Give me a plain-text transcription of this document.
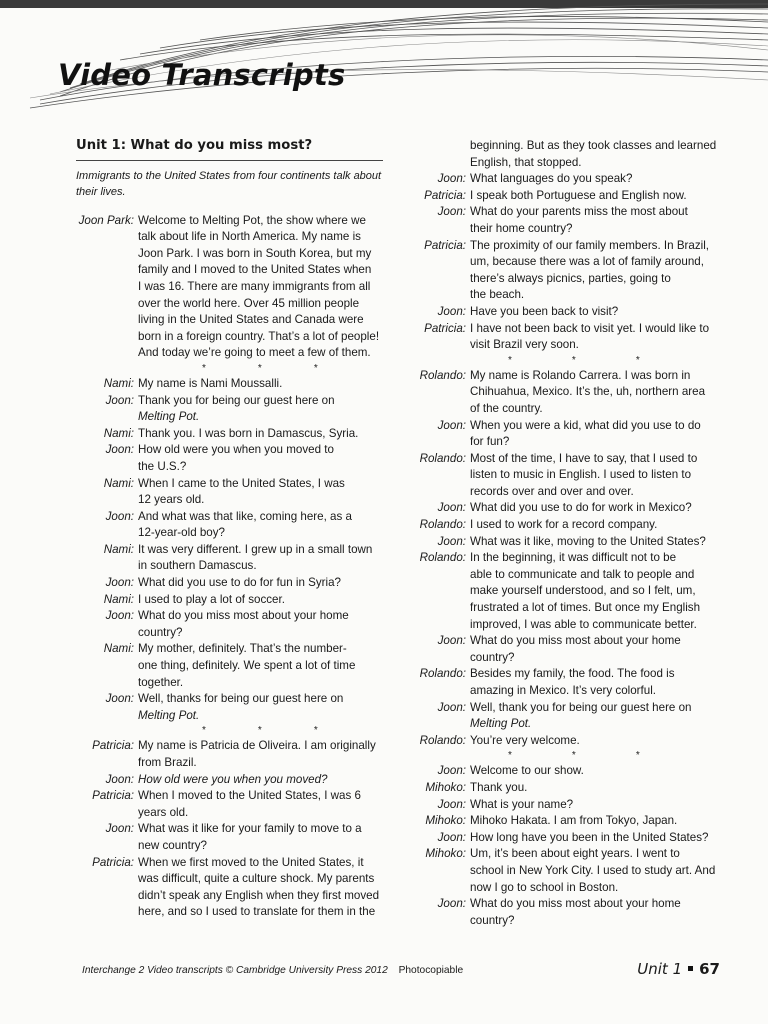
Video Transcripts
Unit 1: What do you miss most?
Immigrants to the United States from four continents talk about their lives.
Joon Park: Welcome to Melting Pot, the show where we
talk about life in North America. My name is
Joon Park. I was born in South Korea, but my
family and I moved to the United States when
I was 16. There are many immigrants from all
over the world here. Over 45 million people
living in the United States and Canada were
born in a foreign country. That’s a lot of people!
And today we’re going to meet a few of them.
*	*	*
Nami: My name is Nami Moussalli.
Joon: Thank you for being our guest here on
Melting Pot.
Nami: Thank you. I was born in Damascus, Syria.
Joon: How old were you when you moved to
the U.S.?
Nami: When I came to the United States, I was
12 years old.
Joon: And what was that like, coming here, as a
12-year-old boy?
Nami: It was very different. I grew up in a small town
in southern Damascus.
Joon: What did you use to do for fun in Syria?
Nami: I used to play a lot of soccer.
Joon: What do you miss most about your home
country?
Nami: My mother, definitely. That’s the number-
one thing, definitely. We spent a lot of time
together.
Joon: Well, thanks for being our guest here on
Melting Pot.
*	*	*
Patricia: My name is Patricia de Oliveira. I am originally
from Brazil.
Joon: How old were you when you moved?
Patricia: When I moved to the United States, I was 6
years old.
Joon: What was it like for your family to move to a
new country?
Patricia: When we first moved to the United States, it
was difficult, quite a culture shock. My parents
didn’t speak any English when they first moved
here, and so I used to translate for them in the
beginning. But as they took classes and learned
English, that stopped.
Joon: What languages do you speak?
Patricia: I speak both Portuguese and English now.
Joon: What do your parents miss the most about
their home country?
Patricia: The proximity of our family members. In Brazil,
um, because there was a lot of family around,
there’s always picnics, parties, going to
the beach.
Joon: Have you been back to visit?
Patricia: I have not been back to visit yet. I would like to
visit Brazil very soon.
*	*	*
Rolando: My name is Rolando Carrera. I was born in
Chihuahua, Mexico. It’s the, uh, northern area
of the country.
Joon: When you were a kid, what did you use to do
for fun?
Rolando: Most of the time, I have to say, that I used to
listen to music in English. I used to listen to
records over and over and over.
Joon: What did you use to do for work in Mexico?
Rolando: I used to work for a record company.
Joon: What was it like, moving to the United States?
Rolando: In the beginning, it was difficult not to be
able to communicate and talk to people and
make yourself understood, and so I felt, um,
frustrated a lot of times. But once my English
improved, I was able to communicate better.
Joon: What do you miss most about your home
country?
Rolando: Besides my family, the food. The food is
amazing in Mexico. It’s very colorful.
Joon: Well, thank you for being our guest here on
Melting Pot.
Rolando: You’re very welcome.
*	*	*
Joon: Welcome to our show.
Mihoko: Thank you.
Joon: What is your name?
Mihoko: Mihoko Hakata. I am from Tokyo, Japan.
Joon: How long have you been in the United States?
Mihoko: Um, it’s been about eight years. I went to
school in New York City. I used to study art. And
now I go to school in Boston.
Joon: What do you miss most about your home
country?
Interchange 2 Video transcripts © Cambridge University Press 2012 Photocopiable	Unit 1 67
